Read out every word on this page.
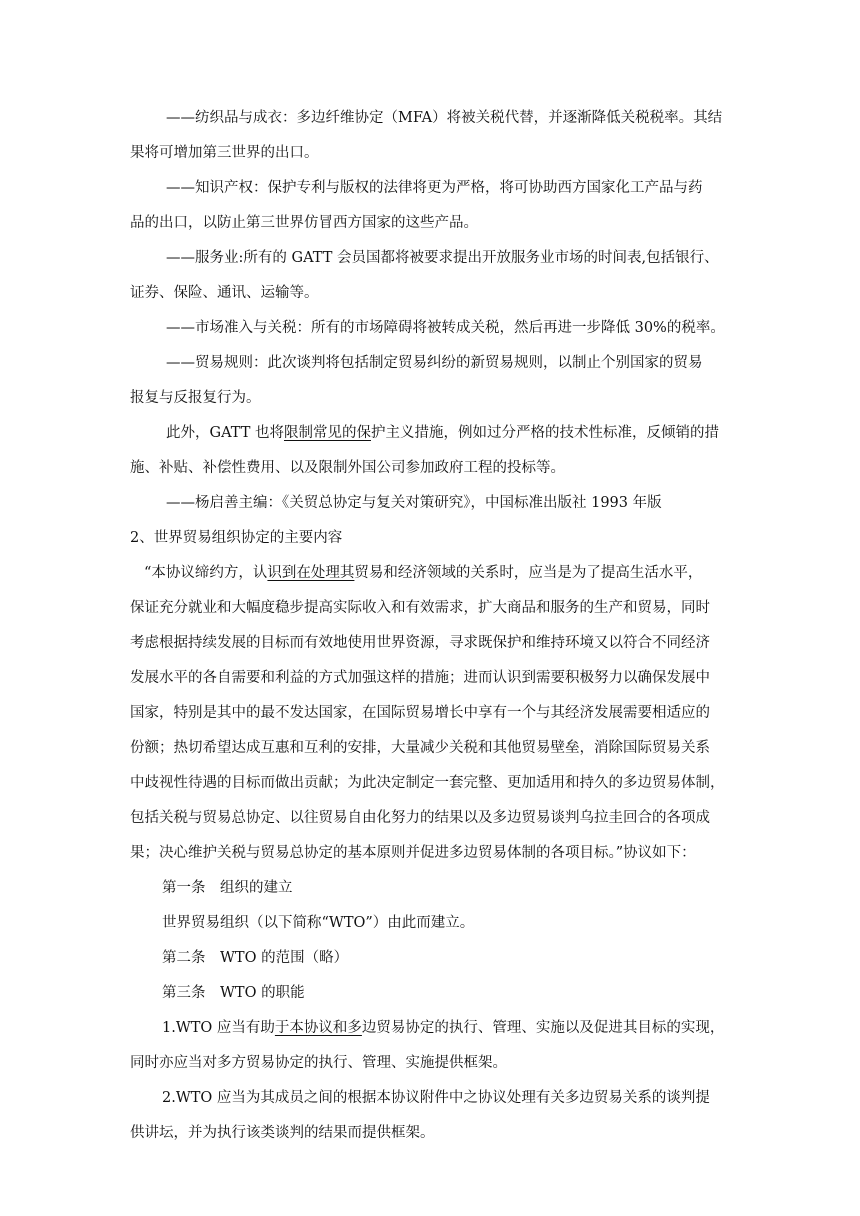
——纺织品与成衣：多边纤维协定（MFA）将被关税代替，并逐渐降低关税税率。其结
果将可增加第三世界的出口。
——知识产权：保护专利与版权的法律将更为严格，将可协助西方国家化工产品与药
品的出口，以防止第三世界仿冒西方国家的这些产品。
——服务业:所有的 GATT 会员国都将被要求提出开放服务业市场的时间表,包括银行、
证券、保险、通讯、运输等。
——市场准入与关税：所有的市场障碍将被转成关税，然后再进一步降低 30%的税率。
——贸易规则：此次谈判将包括制定贸易纠纷的新贸易规则，以制止个别国家的贸易
报复与反报复行为。
此外，GATT 也将限制常见的保护主义措施，例如过分严格的技术性标准，反倾销的措
施、补贴、补偿性费用、以及限制外国公司参加政府工程的投标等。
——杨启善主编：《关贸总协定与复关对策研究》，中国标准出版社 1993 年版
2、世界贸易组织协定的主要内容
“本协议缔约方，认识到在处理其贸易和经济领域的关系时，应当是为了提高生活水平，
保证充分就业和大幅度稳步提高实际收入和有效需求，扩大商品和服务的生产和贸易，同时
考虑根据持续发展的目标而有效地使用世界资源，寻求既保护和维持环境又以符合不同经济
发展水平的各自需要和利益的方式加强这样的措施；进而认识到需要积极努力以确保发展中
国家，特别是其中的最不发达国家，在国际贸易增长中享有一个与其经济发展需要相适应的
份额；热切希望达成互惠和互利的安排，大量减少关税和其他贸易壁垒，消除国际贸易关系
中歧视性待遇的目标而做出贡献；为此决定制定一套完整、更加适用和持久的多边贸易体制，
包括关税与贸易总协定、以往贸易自由化努力的结果以及多边贸易谈判乌拉圭回合的各项成
果；决心维护关税与贸易总协定的基本原则并促进多边贸易体制的各项目标。”协议如下：
第一条　组织的建立
世界贸易组织（以下简称“WTO”）由此而建立。
第二条　WTO 的范围（略）
第三条　WTO 的职能
1.WTO 应当有助于本协议和多边贸易协定的执行、管理、实施以及促进其目标的实现，
同时亦应当对多方贸易协定的执行、管理、实施提供框架。
2.WTO 应当为其成员之间的根据本协议附件中之协议处理有关多边贸易关系的谈判提
供讲坛，并为执行该类谈判的结果而提供框架。
